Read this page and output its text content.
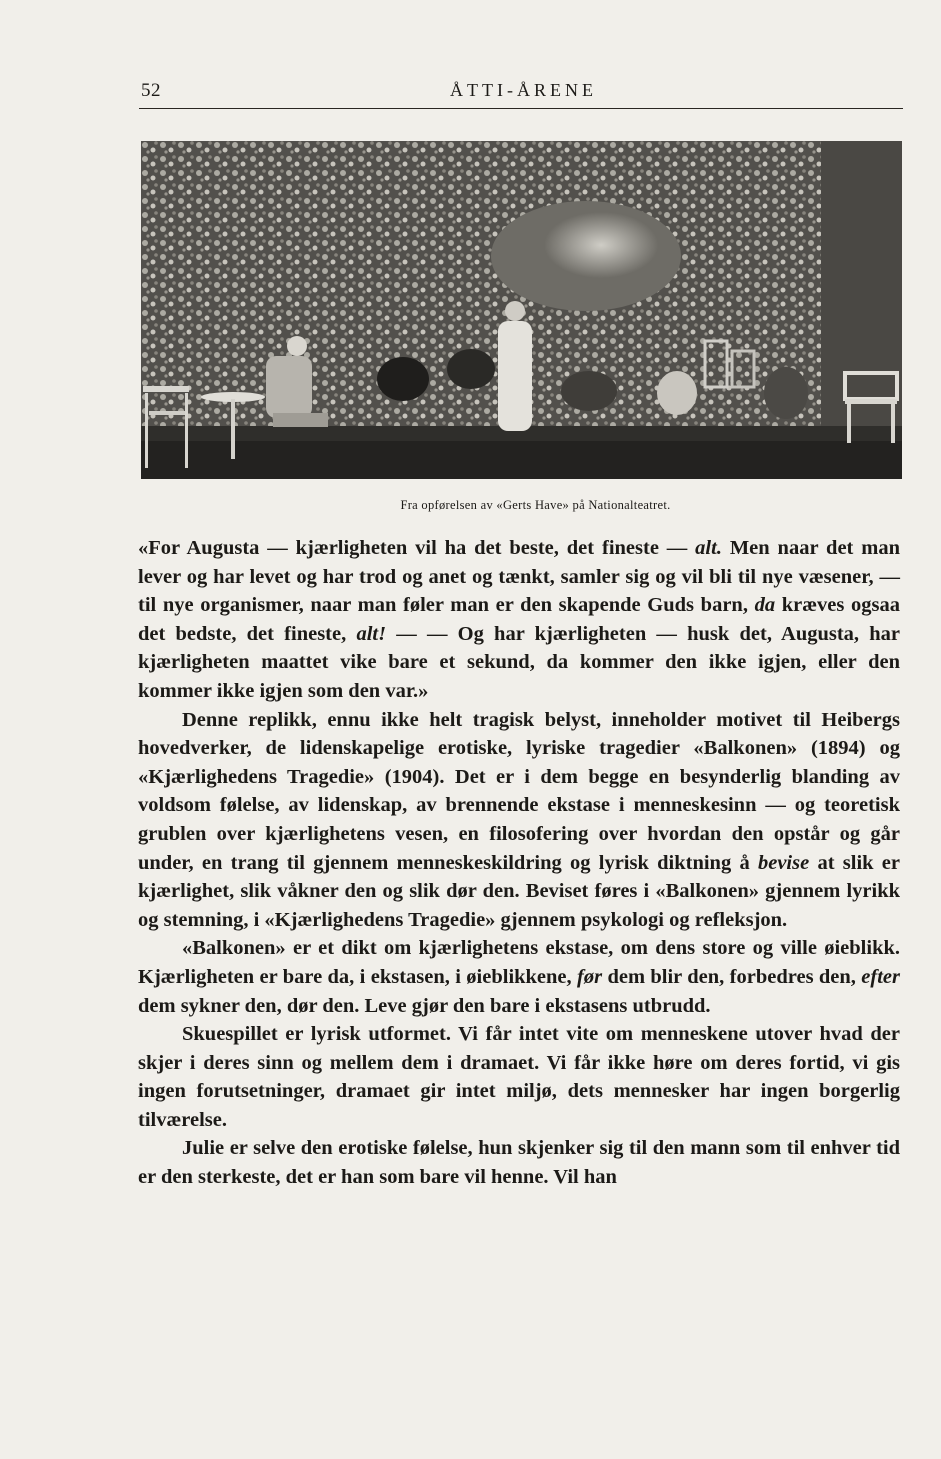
52	ÅTTI-ÅRENE
Fra opførelsen av «Gerts Have» på Nationalteatret.

«For Augusta — kjærligheten vil ha det beste, det fineste — alt. Men naar det man lever og har levet og har trod og anet og tænkt, samler sig og vil bli til nye væsener, — til nye organismer, naar man føler man er den skapende Guds barn, da kræves ogsaa det bedste, det fineste, alt! — — Og har kjærligheten — husk det, Augusta, har kjærligheten maattet vike bare et sekund, da kommer den ikke igjen, eller den kommer ikke igjen som den var.»

Denne replikk, ennu ikke helt tragisk belyst, inneholder motivet til Heibergs hovedverker, de lidenskapelige erotiske, lyriske tragedier «Balkonen» (1894) og «Kjærlighedens Tragedie» (1904). Det er i dem begge en besynderlig blanding av voldsom følelse, av lidenskap, av brennende ekstase i menneskesinn — og teoretisk grublen over kjærlighetens vesen, en filosofering over hvordan den opstår og går under, en trang til gjennem menneskeskildring og lyrisk diktning å bevise at slik er kjærlighet, slik våkner den og slik dør den. Beviset føres i «Balkonen» gjennem lyrikk og stemning, i «Kjærlighedens Tragedie» gjennem psykologi og refleksjon.

«Balkonen» er et dikt om kjærlighetens ekstase, om dens store og ville øieblikk. Kjærligheten er bare da, i ekstasen, i øieblikkene, før dem blir den, forbedres den, efter dem sykner den, dør den. Leve gjør den bare i ekstasens utbrudd.

Skuespillet er lyrisk utformet. Vi får intet vite om menneskene utover hvad der skjer i deres sinn og mellem dem i dramaet. Vi får ikke høre om deres fortid, vi gis ingen forutsetninger, dramaet gir intet miljø, dets mennesker har ingen borgerlig tilværelse.

Julie er selve den erotiske følelse, hun skjenker sig til den mann som til enhver tid er den sterkeste, det er han som bare vil henne. Vil han
